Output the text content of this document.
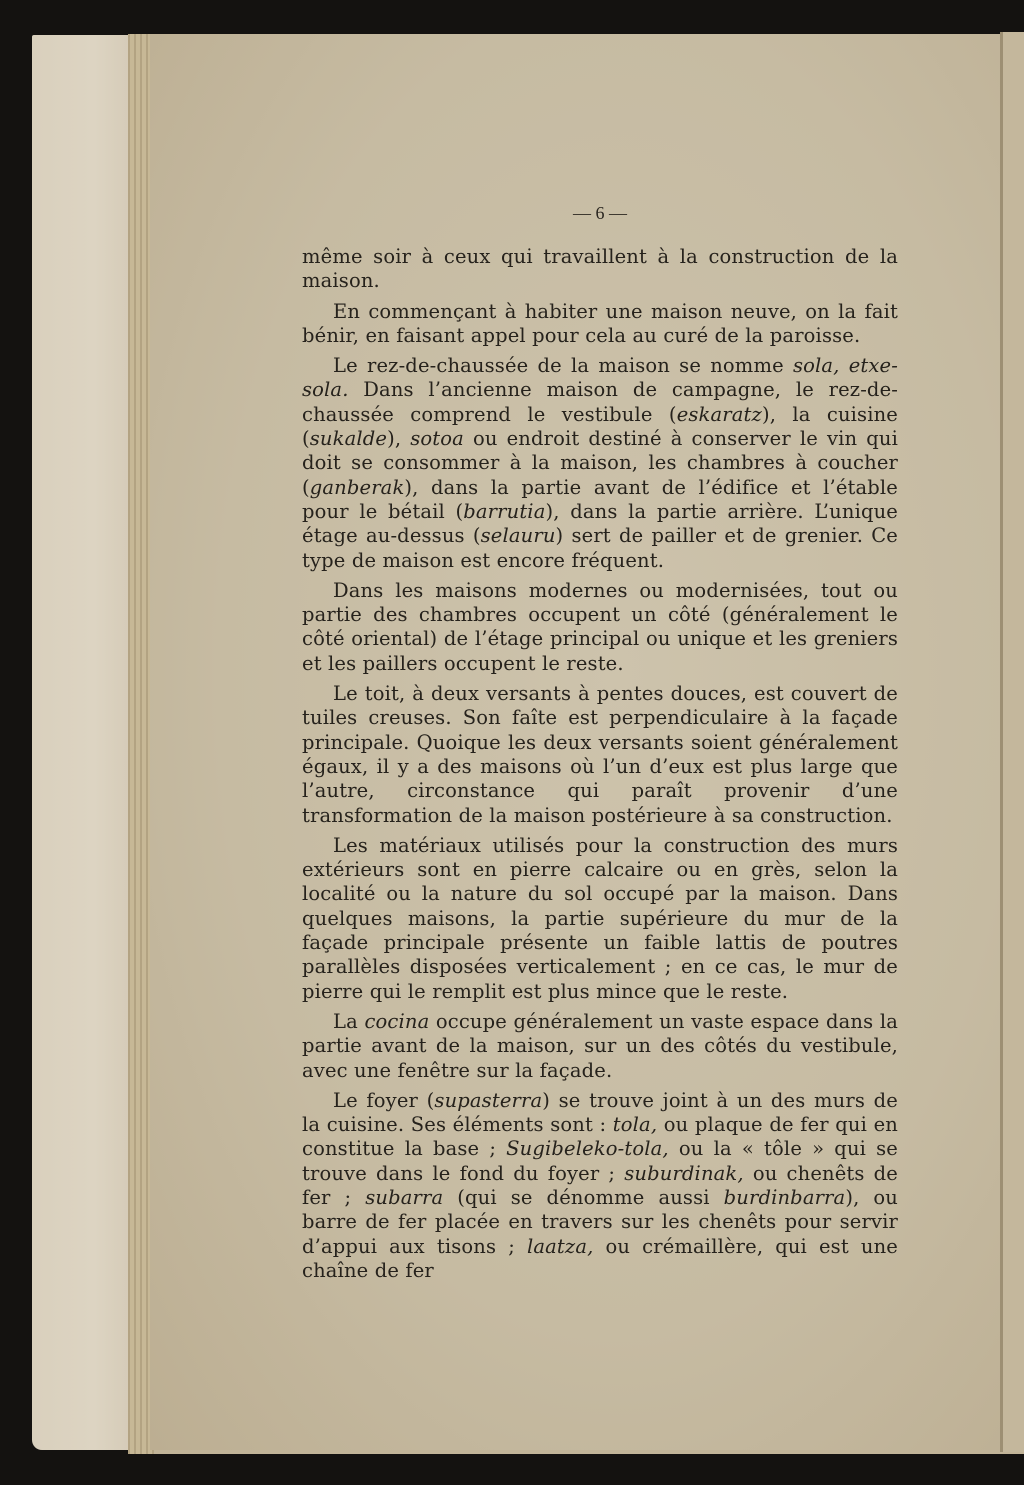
— 6 —

même soir à ceux qui travaillent à la construction de la maison.

En commençant à habiter une maison neuve, on la fait bénir, en faisant appel pour cela au curé de la paroisse.

Le rez-de-chaussée de la maison se nomme sola, etxe-sola. Dans l’ancienne maison de campagne, le rez-de-chaussée comprend le vestibule (eskaratz), la cuisine (sukalde), sotoa ou endroit destiné à conserver le vin qui doit se consommer à la maison, les chambres à coucher (ganberak), dans la partie avant de l’édifice et l’étable pour le bétail (barrutia), dans la partie arrière. L’unique étage au-dessus (selauru) sert de pailler et de grenier. Ce type de maison est encore fréquent.

Dans les maisons modernes ou modernisées, tout ou partie des chambres occupent un côté (généralement le côté oriental) de l’étage principal ou unique et les greniers et les paillers occupent le reste.

Le toit, à deux versants à pentes douces, est couvert de tuiles creuses. Son faîte est perpendiculaire à la façade principale. Quoique les deux versants soient généralement égaux, il y a des maisons où l’un d’eux est plus large que l’autre, circonstance qui paraît provenir d’une transformation de la maison postérieure à sa construction.

Les matériaux utilisés pour la construction des murs extérieurs sont en pierre calcaire ou en grès, selon la localité ou la nature du sol occupé par la maison. Dans quelques maisons, la partie supérieure du mur de la façade principale présente un faible lattis de poutres parallèles disposées verticalement ; en ce cas, le mur de pierre qui le remplit est plus mince que le reste.

La cocina occupe généralement un vaste espace dans la partie avant de la maison, sur un des côtés du vestibule, avec une fenêtre sur la façade.

Le foyer (supasterra) se trouve joint à un des murs de la cuisine. Ses éléments sont : tola, ou plaque de fer qui en constitue la base ; Sugibeleko-tola, ou la « tôle » qui se trouve dans le fond du foyer ; suburdinak, ou chenêts de fer ; subarra (qui se dénomme aussi burdinbarra), ou barre de fer placée en travers sur les chenêts pour servir d’appui aux tisons ; laatza, ou crémaillère, qui est une chaîne de fer
